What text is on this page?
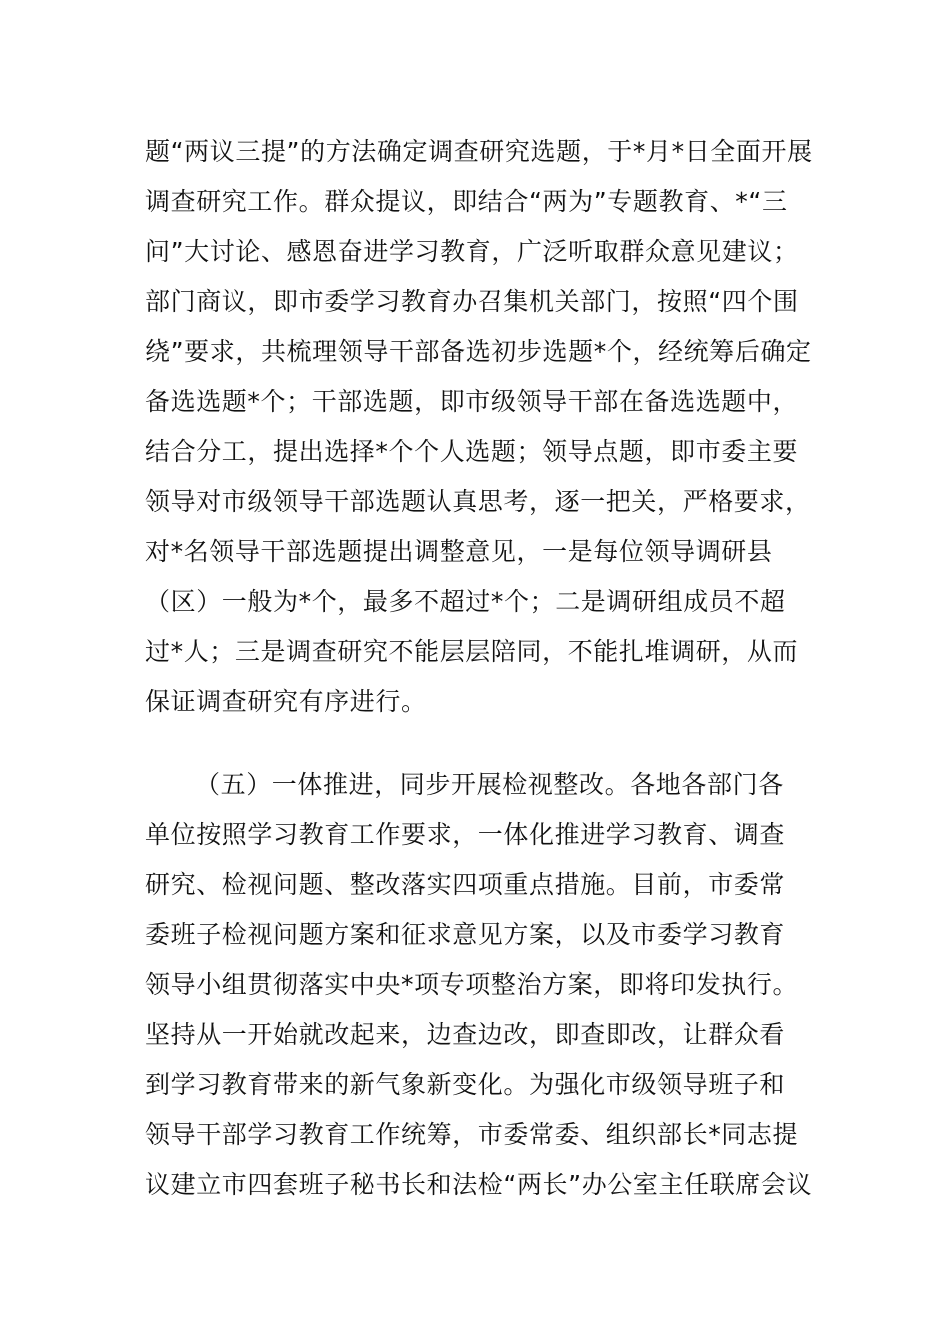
题“两议三提”的方法确定调查研究选题，于*月*日全面开展
调查研究工作。群众提议，即结合“两为”专题教育、*“三
问”大讨论、感恩奋进学习教育，广泛听取群众意见建议；
部门商议，即市委学习教育办召集机关部门，按照“四个围
绕”要求，共梳理领导干部备选初步选题*个，经统筹后确定
备选选题*个；干部选题，即市级领导干部在备选选题中，
结合分工，提出选择*个个人选题；领导点题，即市委主要
领导对市级领导干部选题认真思考，逐一把关，严格要求，
对*名领导干部选题提出调整意见，一是每位领导调研县
（区）一般为*个，最多不超过*个；二是调研组成员不超
过*人；三是调查研究不能层层陪同，不能扎堆调研，从而
保证调查研究有序进行。
（五）一体推进，同步开展检视整改。各地各部门各
单位按照学习教育工作要求，一体化推进学习教育、调查
研究、检视问题、整改落实四项重点措施。目前，市委常
委班子检视问题方案和征求意见方案，以及市委学习教育
领导小组贯彻落实中央*项专项整治方案，即将印发执行。
坚持从一开始就改起来，边查边改，即查即改，让群众看
到学习教育带来的新气象新变化。为强化市级领导班子和
领导干部学习教育工作统筹，市委常委、组织部长*同志提
议建立市四套班子秘书长和法检“两长”办公室主任联席会议
